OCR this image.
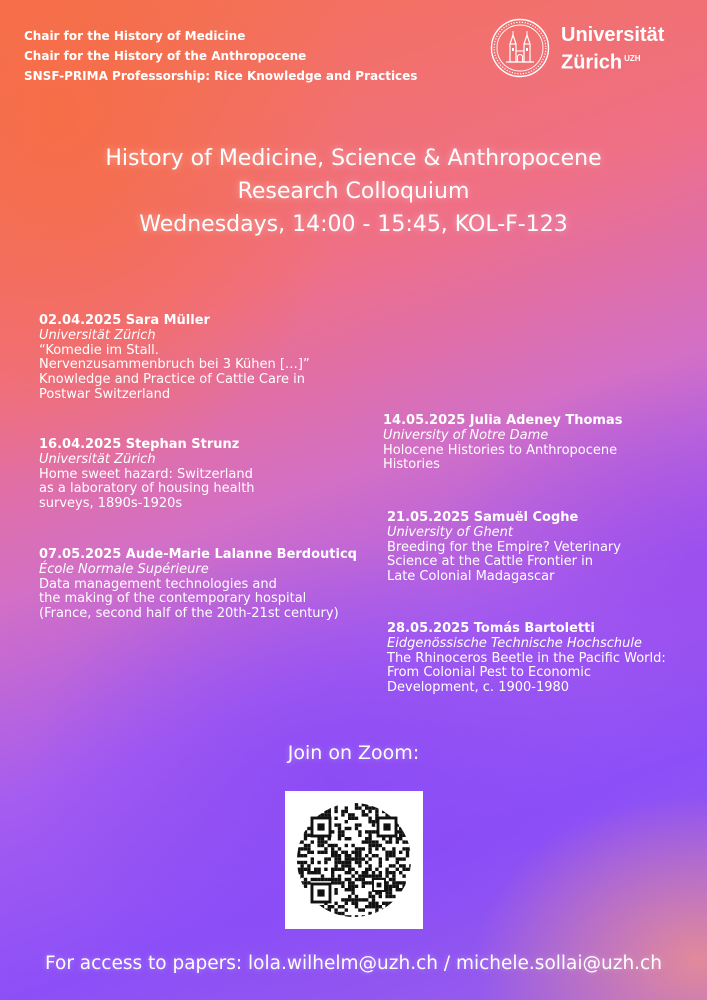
Chair for the History of Medicine
Chair for the History of the Anthropocene
SNSF-PRIMA Professorship: Rice Knowledge and Practices
Universität
Zürich $^{UZH}$
History of Medicine, Science & Anthropocene
Research Colloquium
Wednesdays, 14:00 - 15:45, KOL-F-123
02.04.2025 Sara Müller
Universität Zürich
“Komedie im Stall.
Nervenzusammenbruch bei 3 Kühen […]”
Knowledge and Practice of Cattle Care in
Postwar Switzerland
16.04.2025 Stephan Strunz
Universität Zürich
Home sweet hazard: Switzerland
as a laboratory of housing health
surveys, 1890s-1920s
07.05.2025 Aude-Marie Lalanne Berdouticq
École Normale Supérieure
Data management technologies and
the making of the contemporary hospital
(France, second half of the 20th-21st century)
14.05.2025 Julia Adeney Thomas
University of Notre Dame
Holocene Histories to Anthropocene
Histories
21.05.2025 Samuël Coghe
University of Ghent
Breeding for the Empire? Veterinary
Science at the Cattle Frontier in
Late Colonial Madagascar
28.05.2025 Tomás Bartoletti
Eidgenössische Technische Hochschule
The Rhinoceros Beetle in the Pacific World:
From Colonial Pest to Economic
Development, c. 1900-1980
Join on Zoom:
For access to papers: lola.wilhelm@uzh.ch / michele.sollai@uzh.ch
